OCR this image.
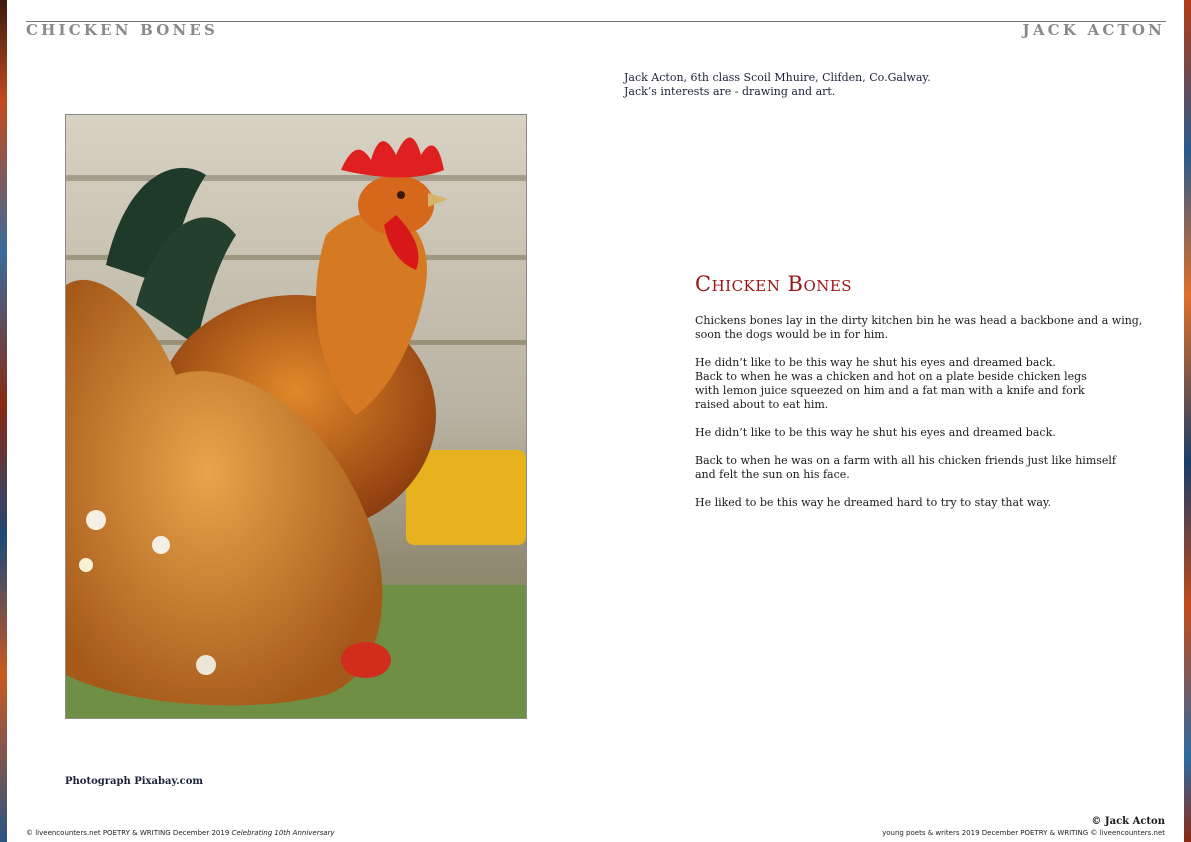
CHICKEN BONES	JACK ACTON
Jack Acton, 6th class Scoil Mhuire, Clifden, Co.Galway.
Jack’s interests are - drawing and art.
Photograph Pixabay.com
Chicken Bones
Chickens bones lay in the dirty kitchen bin he was head a backbone and a wing,
soon the dogs would be in for him.
He didn’t like to be this way he shut his eyes and dreamed back.
Back to when he was a chicken and hot on a plate beside chicken legs
with lemon juice squeezed on him and a fat man with a knife and fork
raised about to eat him.
He didn’t like to be this way he shut his eyes and dreamed back.
Back to when he was on a farm with all his chicken friends just like himself
and felt the sun on his face.
He liked to be this way he dreamed hard to try to stay that way.
© Jack Acton
© liveencounters.net POETRY & WRITING December 2019 Celebrating 10th Anniversary	young poets & writers 2019 December POETRY & WRITING © liveencounters.net
